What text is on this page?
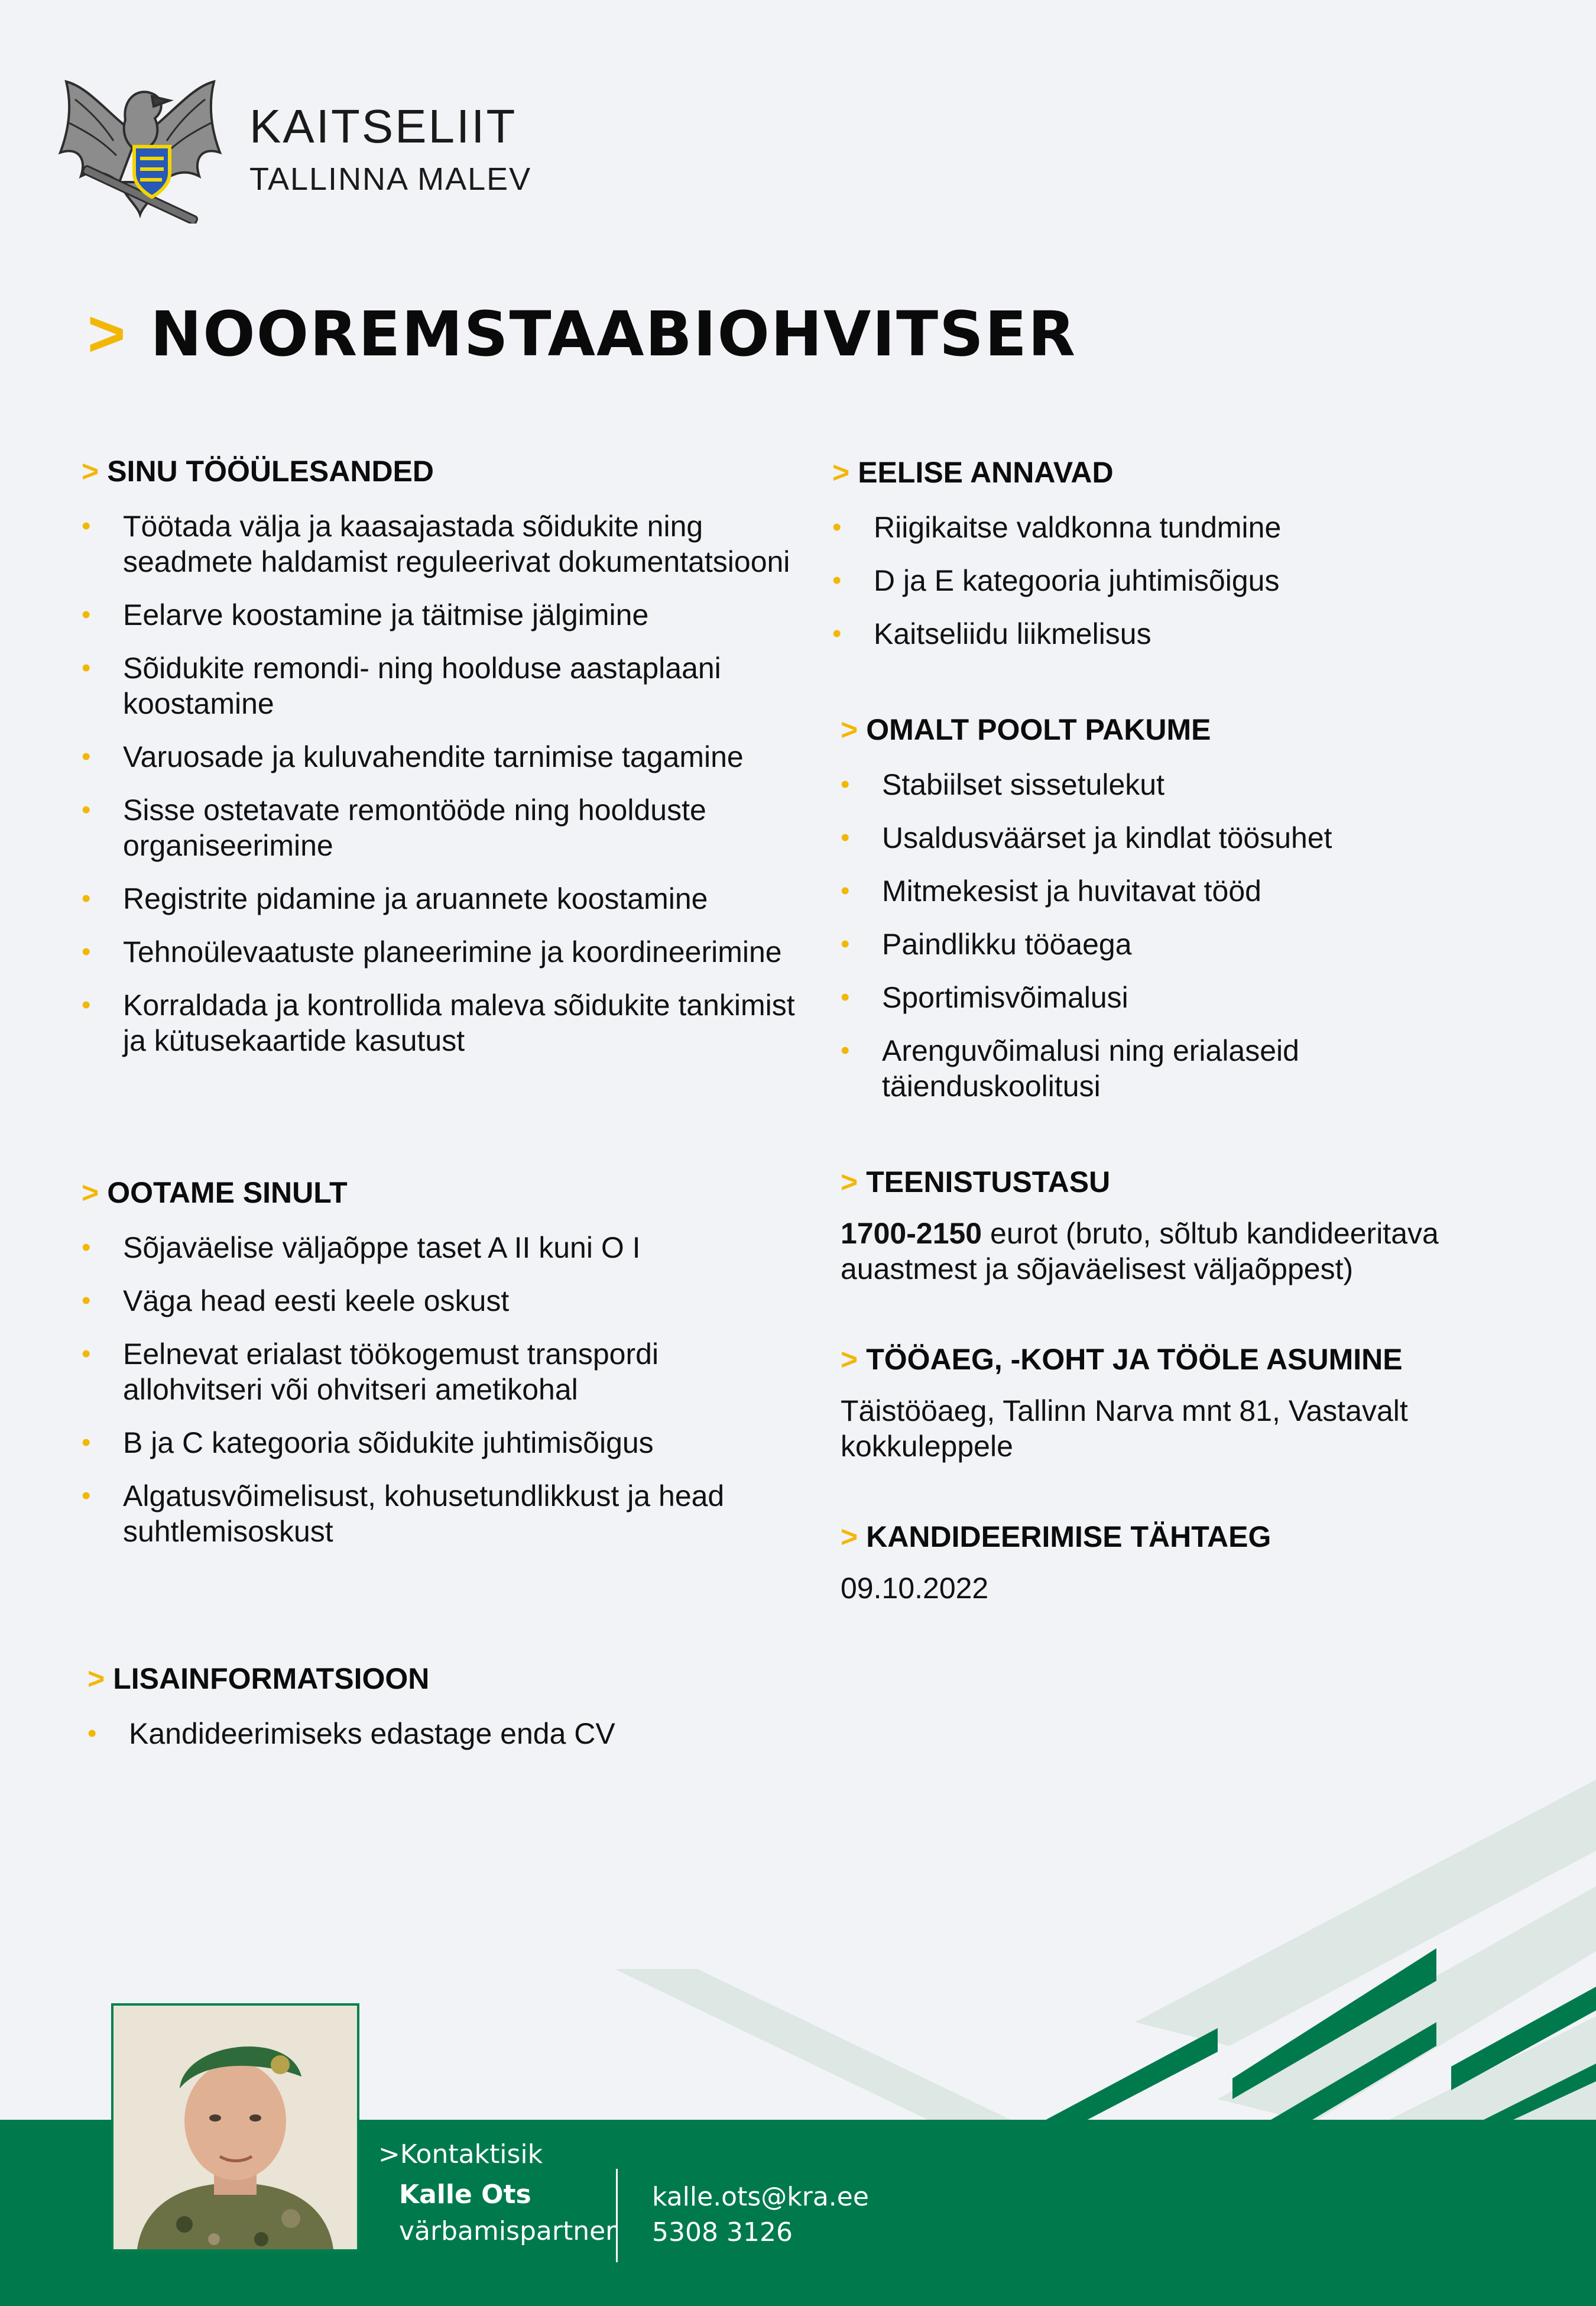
KAITSELIIT
TALLINNA MALEV
> NOOREMSTAABIOHVITSER
> SINU TÖÖÜLESANDED
• Töötada välja ja kaasajastada sõidukite ning seadmete haldamist reguleerivat dokumentatsiooni
• Eelarve koostamine ja täitmise jälgimine
• Sõidukite remondi- ning hoolduse aastaplaani koostamine
• Varuosade ja kuluvahendite tarnimise tagamine
• Sisse ostetavate remontööde ning hoolduste organiseerimine
• Registrite pidamine ja aruannete koostamine
• Tehnoülevaatuste planeerimine ja koordineerimine
• Korraldada ja kontrollida maleva sõidukite tankimist ja kütusekaartide kasutust
> OOTAME SINULT
• Sõjaväelise väljaõppe taset A II kuni O I
• Väga head eesti keele oskust
• Eelnevat erialast töökogemust transpordi allohvitseri või ohvitseri ametikohal
• B ja C kategooria sõidukite juhtimisõigus
• Algatusvõimelisust, kohusetundlikkust ja head suhtlemisoskust
> LISAINFORMATSIOON
• Kandideerimiseks edastage enda CV
> EELISE ANNAVAD
• Riigikaitse valdkonna tundmine
• D ja E kategooria juhtimisõigus
• Kaitseliidu liikmelisus
> OMALT POOLT PAKUME
• Stabiilset sissetulekut
• Usaldusväärset ja kindlat töösuhet
• Mitmekesist ja huvitavat tööd
• Paindlikku tööaega
• Sportimisvõimalusi
• Arenguvõimalusi ning erialaseid täienduskoolitusi
> TEENISTUSTASU
1700-2150 eurot (bruto, sõltub kandideeritava auastmest ja sõjaväelisest väljaõppest)
> TÖÖAEG, -KOHT JA TÖÖLE ASUMINE
Täistööaeg, Tallinn Narva mnt 81, Vastavalt kokkuleppele
> KANDIDEERIMISE TÄHTAEG
09.10.2022
>Kontaktisik
Kalle Ots
värbamispartner
kalle.ots@kra.ee
5308 3126
